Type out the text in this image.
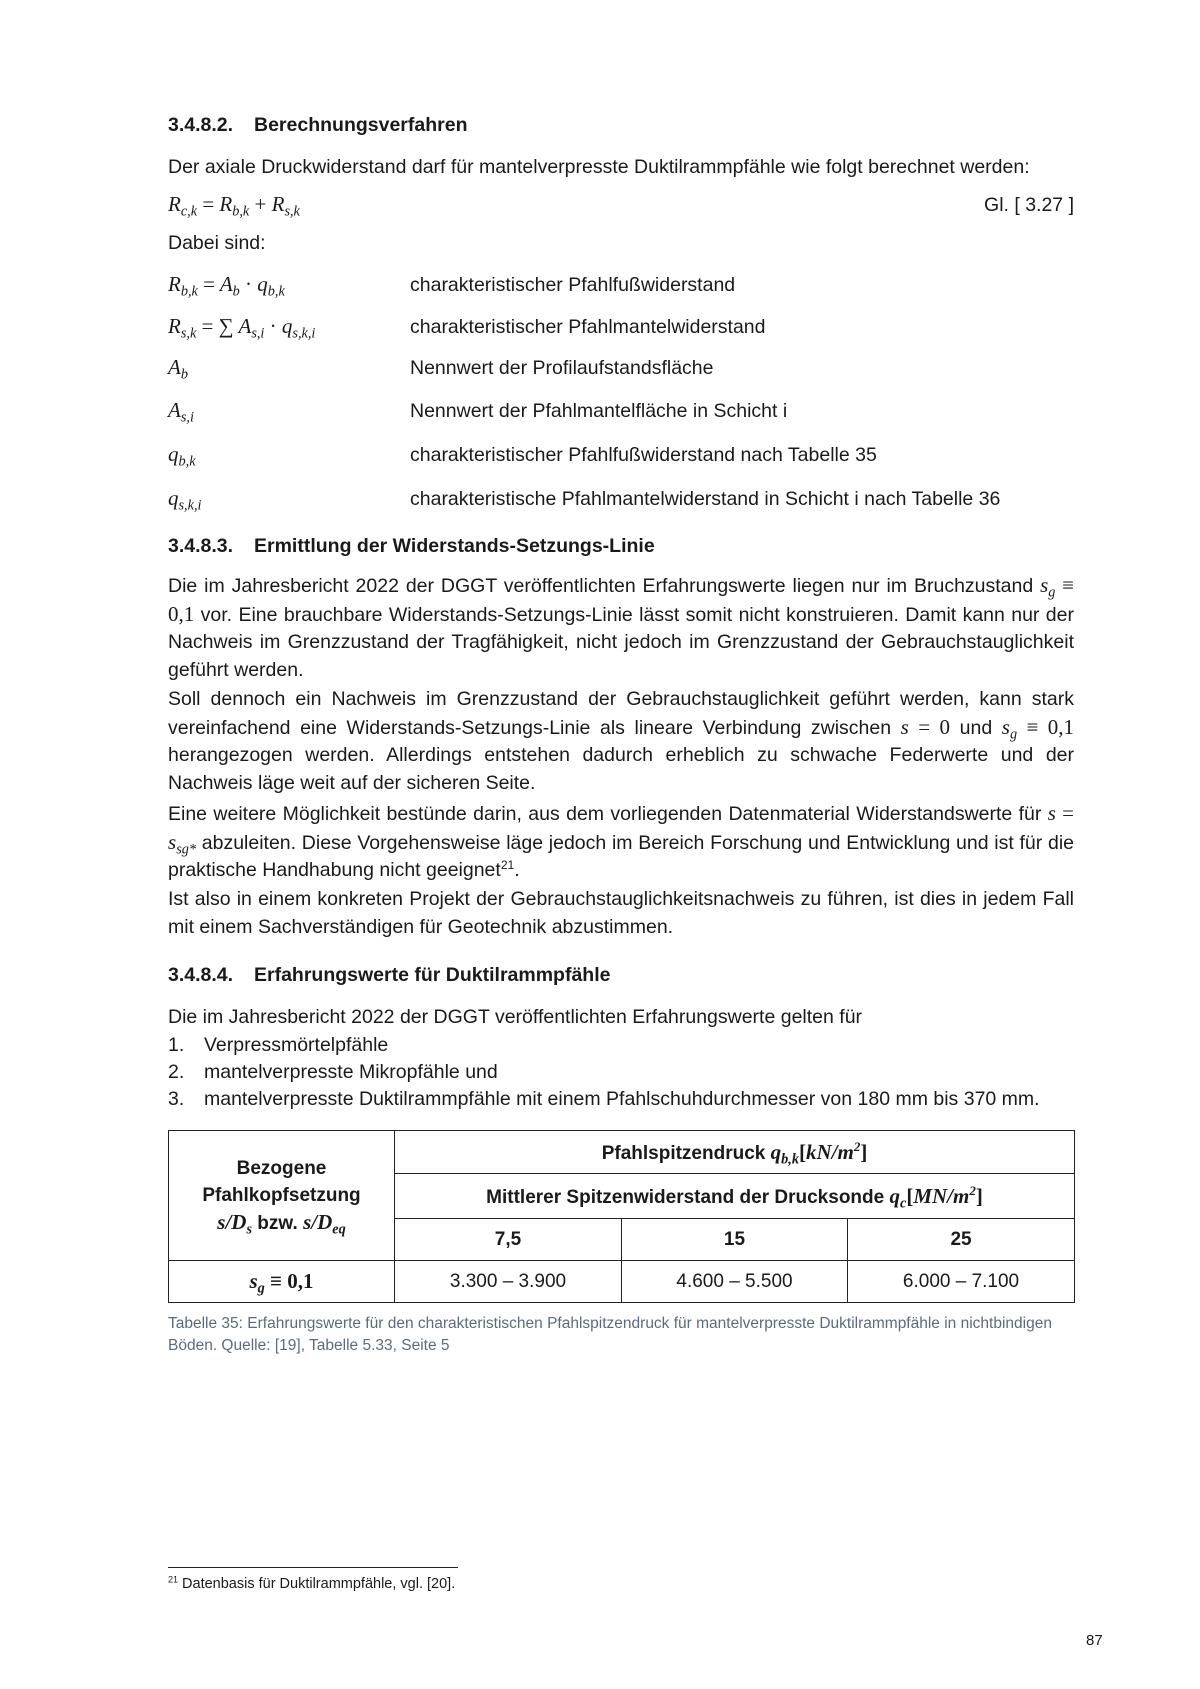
3.4.8.2. Berechnungsverfahren
Der axiale Druckwiderstand darf für mantelverpresste Duktilrammpfähle wie folgt berechnet werden:
$R_{c,k} = R_{b,k} + R_{s,k}$	Gl. [ 3.27 ]
Dabei sind:
$R_{b,k} = A_b \cdot q_{b,k}$	charakteristischer Pfahlfußwiderstand
$R_{s,k}$ = ∑ $A_{s,i} \cdot q_{s,k,i}$	charakteristischer Pfahlmantelwiderstand
$A_b$	Nennwert der Profilaufstandsfläche
$A_{s,i}$	Nennwert der Pfahlmantelfläche in Schicht i
$q_{b,k}$	charakteristischer Pfahlfußwiderstand nach Tabelle 35
$q_{s,k,i}$	charakteristische Pfahlmantelwiderstand in Schicht i nach Tabelle 36
3.4.8.3. Ermittlung der Widerstands-Setzungs-Linie
Die im Jahresbericht 2022 der DGGT veröffentlichten Erfahrungswerte liegen nur im Bruchzustand $s_g \equiv 0,1$ vor. Eine brauchbare Widerstands-Setzungs-Linie lässt somit nicht konstruieren. Damit kann nur der Nachweis im Grenzzustand der Tragfähigkeit, nicht jedoch im Grenzzustand der Gebrauchstauglichkeit geführt werden.
Soll dennoch ein Nachweis im Grenzzustand der Gebrauchstauglichkeit geführt werden, kann stark vereinfachend eine Widerstands-Setzungs-Linie als lineare Verbindung zwischen s = 0 und $s_g \equiv 0,1$ herangezogen werden. Allerdings entstehen dadurch erheblich zu schwache Federwerte und der Nachweis läge weit auf der sicheren Seite.
Eine weitere Möglichkeit bestünde darin, aus dem vorliegenden Datenmaterial Widerstandswerte für $s = s_{sg*}$ abzuleiten. Diese Vorgehensweise läge jedoch im Bereich Forschung und Entwicklung und ist für die praktische Handhabung nicht geeignet$^{21}$.
Ist also in einem konkreten Projekt der Gebrauchstauglichkeitsnachweis zu führen, ist dies in jedem Fall mit einem Sachverständigen für Geotechnik abzustimmen.
3.4.8.4. Erfahrungswerte für Duktilrammpfähle
Die im Jahresbericht 2022 der DGGT veröffentlichten Erfahrungswerte gelten für
1. Verpressmörtelpfähle
2. mantelverpresste Mikropfähle und
3. mantelverpresste Duktilrammpfähle mit einem Pfahlschuhdurchmesser von 180 mm bis 370 mm.
Bezogene
Pfahlkopfsetzung
$s/D_s$ bzw. $s/D_{eq}$	Pfahlspitzendruck $q_{b,k}[kN/m^2]$		
	Mittlerer Spitzenwiderstand der Drucksonde $q_c[MN/m^2]$		
	7,5	15	25
$s_g \equiv 0,1$	3.300 – 3.900	4.600 – 5.500	6.000 – 7.100
Tabelle 35: Erfahrungswerte für den charakteristischen Pfahlspitzendruck für mantelverpresste Duktilrammpfähle in nichtbindigen Böden. Quelle: [19], Tabelle 5.33, Seite 5
$^{21}$ Datenbasis für Duktilrammpfähle, vgl. [20].
87
